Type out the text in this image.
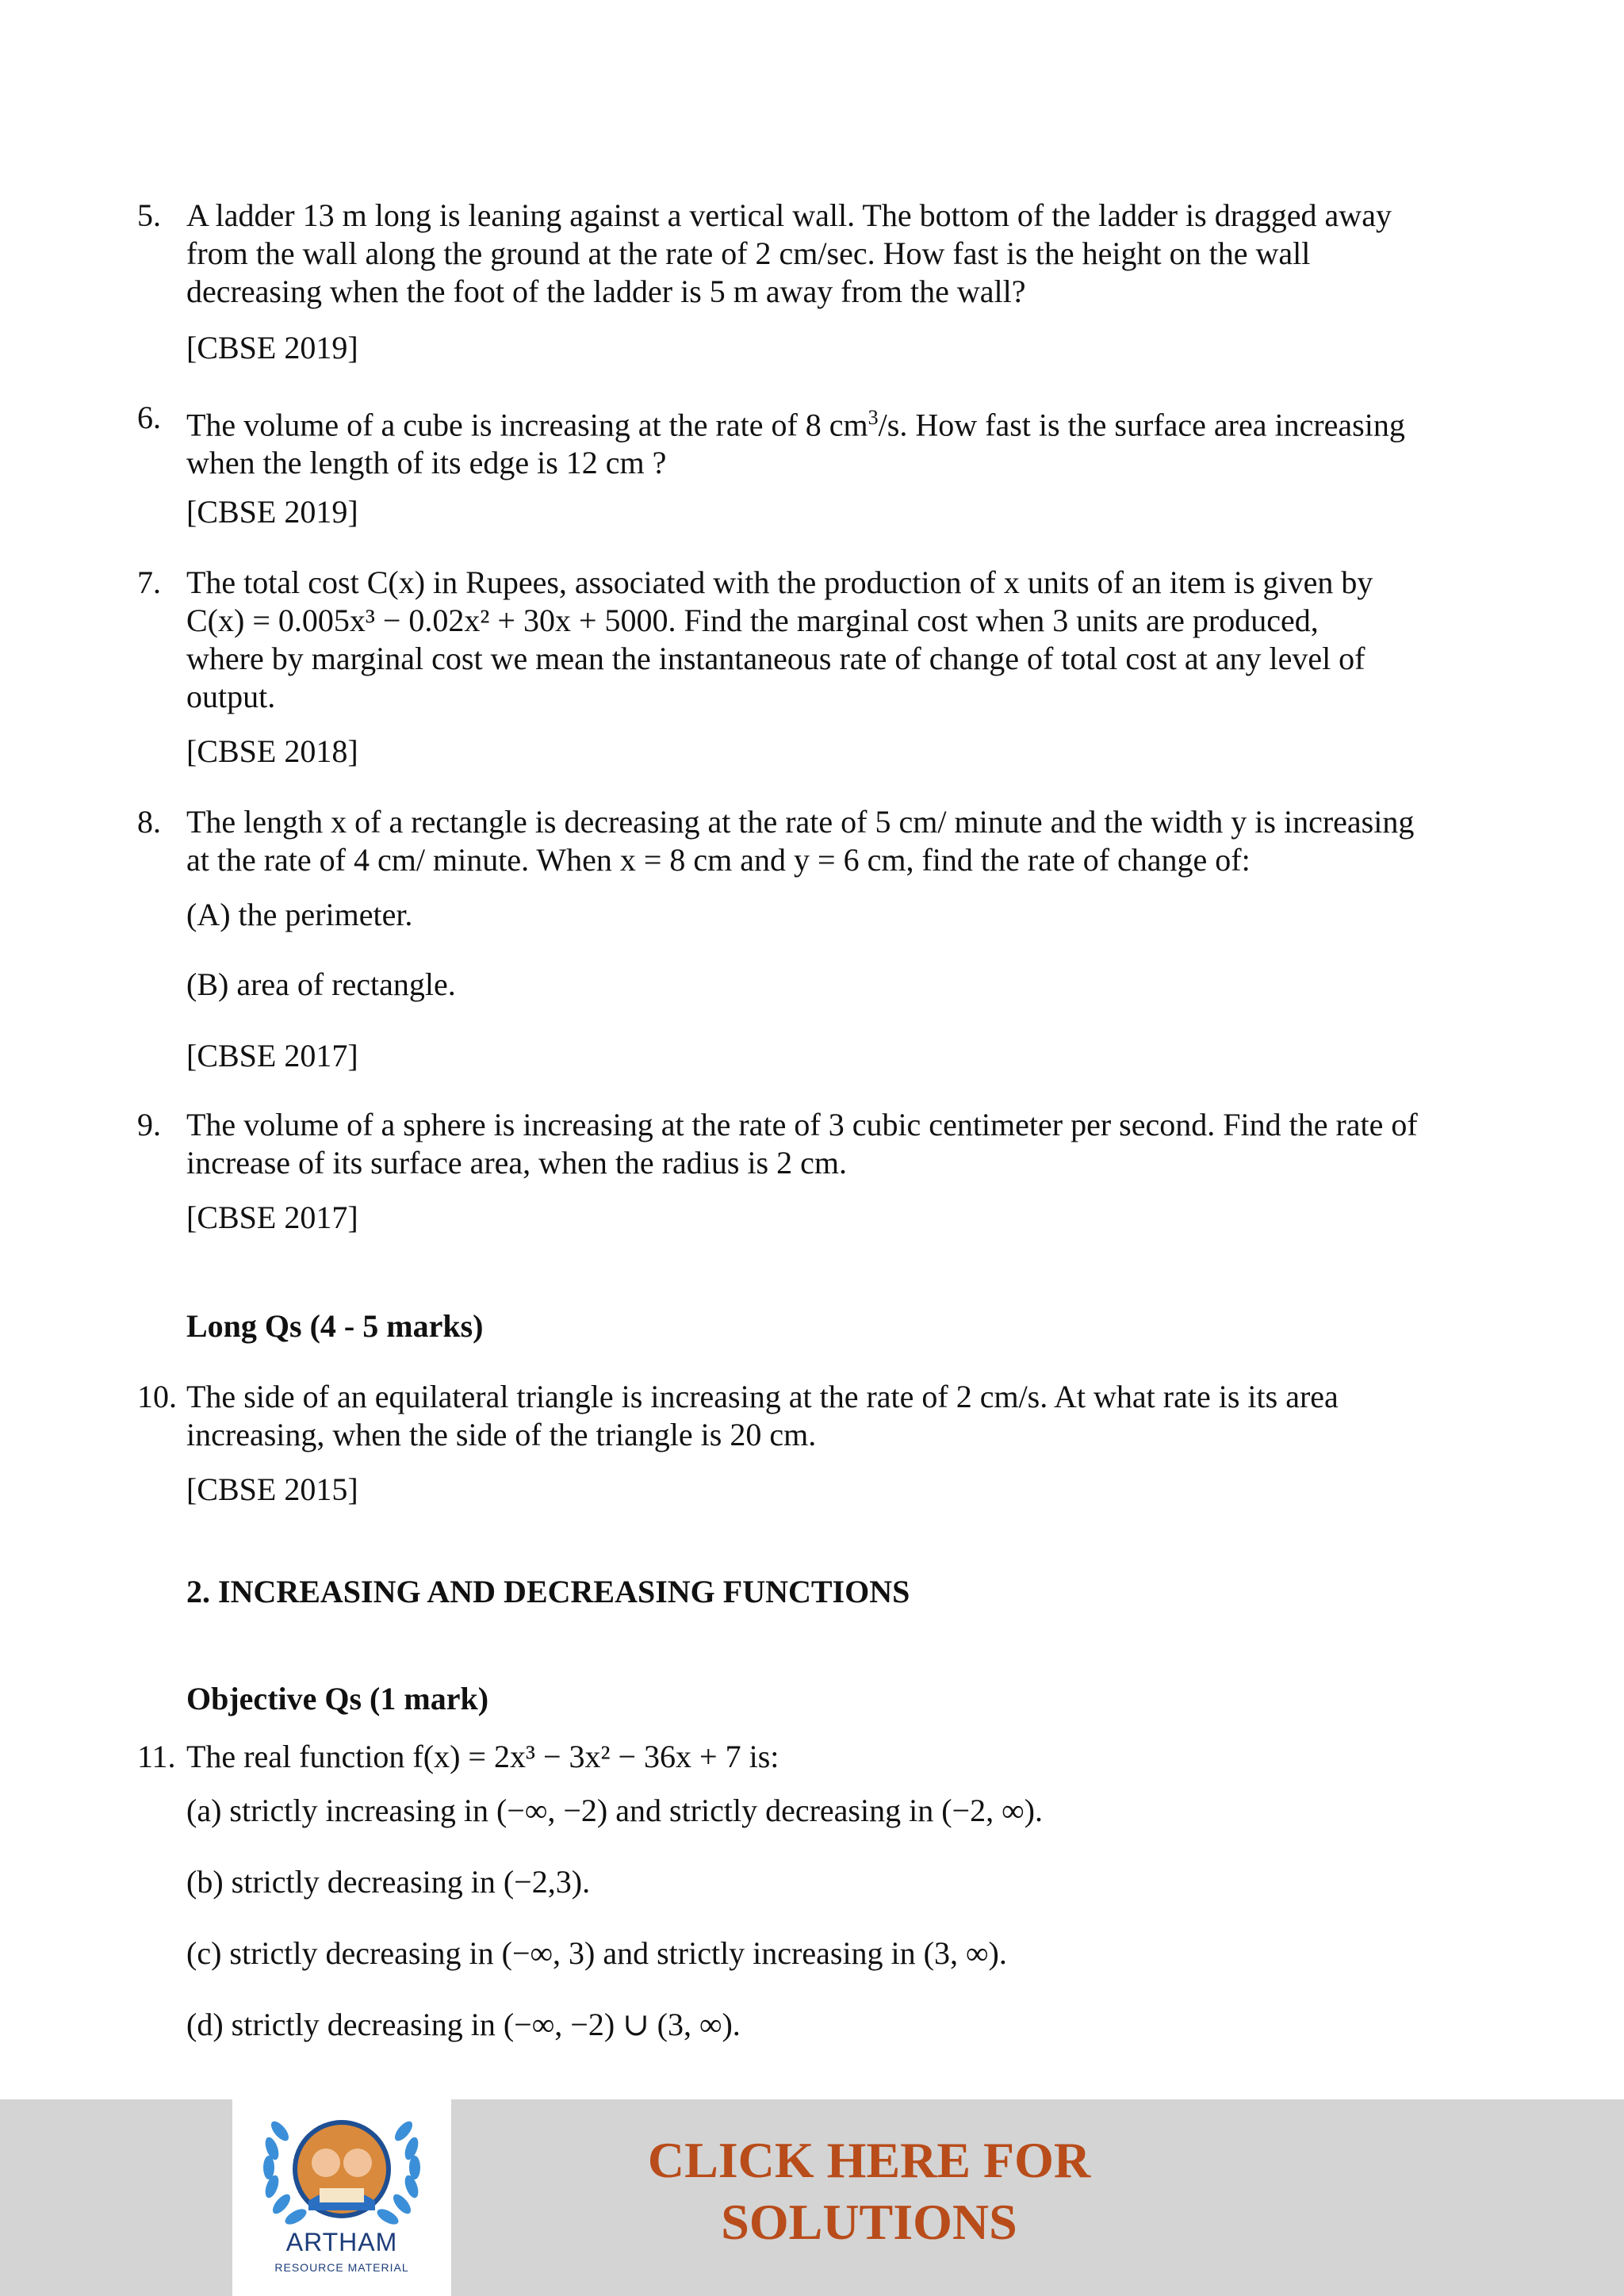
5. A ladder 13 m long is leaning against a vertical wall. The bottom of the ladder is dragged away
from the wall along the ground at the rate of 2 cm/sec. How fast is the height on the wall
decreasing when the foot of the ladder is 5 m away from the wall?
[CBSE 2019]
6. The volume of a cube is increasing at the rate of 8 $cm^3/s$. How fast is the surface area increasing
when the length of its edge is 12 cm ?
[CBSE 2019]
7. The total cost C(x) in Rupees, associated with the production of x units of an item is given by
C(x) = 0.005x³ − 0.02x² + 30x + 5000. Find the marginal cost when 3 units are produced,
where by marginal cost we mean the instantaneous rate of change of total cost at any level of
output.
[CBSE 2018]
8. The length x of a rectangle is decreasing at the rate of 5 cm/ minute and the width y is increasing
at the rate of 4 cm/ minute. When x = 8 cm and y = 6 cm, find the rate of change of:
(A) the perimeter.
(B) area of rectangle.
[CBSE 2017]
9. The volume of a sphere is increasing at the rate of 3 cubic centimeter per second. Find the rate of
increase of its surface area, when the radius is 2 cm.
[CBSE 2017]
Long Qs (4 - 5 marks)
10. The side of an equilateral triangle is increasing at the rate of 2 cm/s. At what rate is its area
increasing, when the side of the triangle is 20 cm.
[CBSE 2015]
2. INCREASING AND DECREASING FUNCTIONS
Objective Qs (1 mark)
11. The real function f(x) = 2x³ − 3x² − 36x + 7 is:
(a) strictly increasing in (−∞, −2) and strictly decreasing in (−2, ∞).
(b) strictly decreasing in (−2,3).
(c) strictly decreasing in (−∞, 3) and strictly increasing in (3, ∞).
(d) strictly decreasing in (−∞, −2) ∪ (3, ∞).
ARTHAM
RESOURCE MATERIAL
CLICK HERE FOR
SOLUTIONS
